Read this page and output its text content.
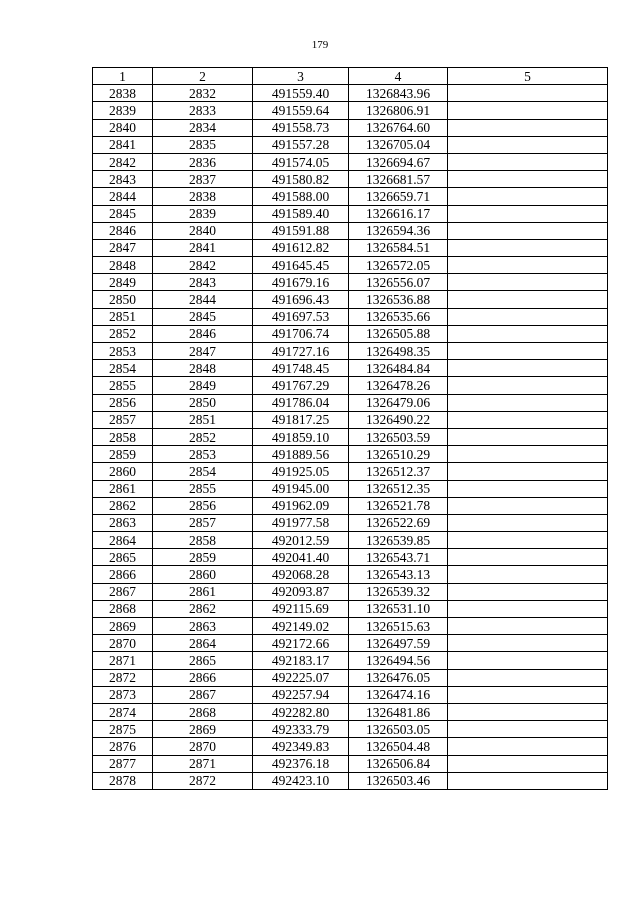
179
1	2	3	4	5
2838	2832	491559.40	1326843.96	
2839	2833	491559.64	1326806.91	
2840	2834	491558.73	1326764.60	
2841	2835	491557.28	1326705.04	
2842	2836	491574.05	1326694.67	
2843	2837	491580.82	1326681.57	
2844	2838	491588.00	1326659.71	
2845	2839	491589.40	1326616.17	
2846	2840	491591.88	1326594.36	
2847	2841	491612.82	1326584.51	
2848	2842	491645.45	1326572.05	
2849	2843	491679.16	1326556.07	
2850	2844	491696.43	1326536.88	
2851	2845	491697.53	1326535.66	
2852	2846	491706.74	1326505.88	
2853	2847	491727.16	1326498.35	
2854	2848	491748.45	1326484.84	
2855	2849	491767.29	1326478.26	
2856	2850	491786.04	1326479.06	
2857	2851	491817.25	1326490.22	
2858	2852	491859.10	1326503.59	
2859	2853	491889.56	1326510.29	
2860	2854	491925.05	1326512.37	
2861	2855	491945.00	1326512.35	
2862	2856	491962.09	1326521.78	
2863	2857	491977.58	1326522.69	
2864	2858	492012.59	1326539.85	
2865	2859	492041.40	1326543.71	
2866	2860	492068.28	1326543.13	
2867	2861	492093.87	1326539.32	
2868	2862	492115.69	1326531.10	
2869	2863	492149.02	1326515.63	
2870	2864	492172.66	1326497.59	
2871	2865	492183.17	1326494.56	
2872	2866	492225.07	1326476.05	
2873	2867	492257.94	1326474.16	
2874	2868	492282.80	1326481.86	
2875	2869	492333.79	1326503.05	
2876	2870	492349.83	1326504.48	
2877	2871	492376.18	1326506.84	
2878	2872	492423.10	1326503.46	
